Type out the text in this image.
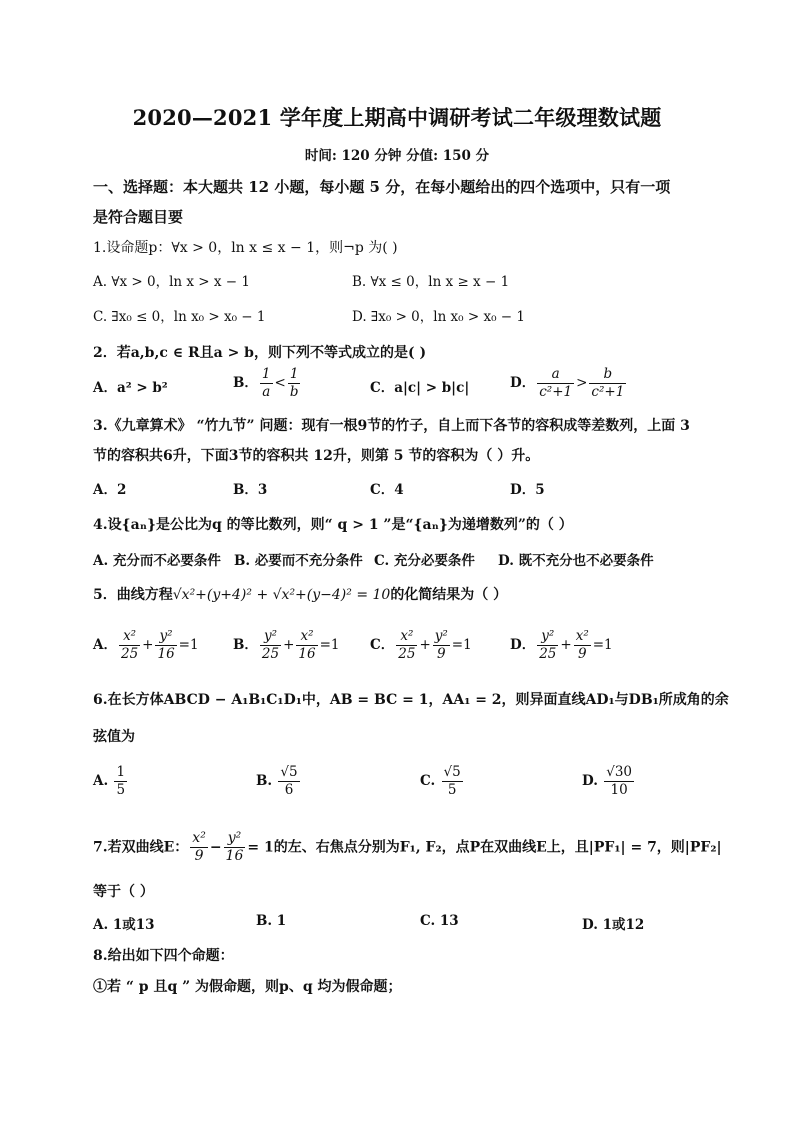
2020—2021 学年度上期高中调研考试二年级理数试题
时间: 120 分钟 分值: 150 分
一、选择题：本大题共 12 小题，每小题 5 分，在每小题给出的四个选项中，只有一项
是符合题目要
1.设命题p：∀x > 0，ln x ≤ x − 1，则¬p 为( )
A. ∀x > 0，ln x > x − 1	B. ∀x ≤ 0，ln x ≥ x − 1
C. ∃x₀ ≤ 0，ln x₀ > x₀ − 1	D. ∃x₀ > 0，ln x₀ > x₀ − 1
2．若a,b,c ∈ R且a > b，则下列不等式成立的是( )
A．a² > b²	B． $\frac{1}{a} < \frac{1}{b}$	C．a|c| > b|c|	D． $\frac{a}{\text{c²+1}} > \frac{b}{\text{c²+1}}$
3.《九章算术》 “竹九节” 问题：现有一根9节的竹子，自上而下各节的容积成等差数列，上面 3
节的容积共6升，下面3节的容积共 12升，则第 5 节的容积为（ ）升。
A．2	B．3	C．4	D．5
4.设{aₙ}是公比为q 的等比数列，则“ q > 1 ”是“{aₙ}为递增数列”的（ ）
A. 充分而不必要条件 B. 必要而不充分条件 C. 充分必要条件 D. 既不充分也不必要条件
5．曲线方程√x²+(y+4)² + √x²+(y−4)² = 10的化简结果为（ ）
A． $\frac{\text{x²}}{25} + \frac{\text{y²}}{16} =1$	B． $\frac{\text{y²}}{25} + \frac{\text{x²}}{16} =1$ C． $\frac{\text{x²}}{25} + \frac{\text{y²}}{9} =1$	D． $\frac{\text{y²}}{25} + \frac{\text{x²}}{9} =1$
6.在长方体ABCD − A₁B₁C₁D₁中，AB = BC = 1，AA₁ = 2，则异面直线AD₁与DB₁所成角的余
弦值为
A. $\frac{1}{5}$	B. $\frac{√5}{6}$	C. $\frac{√5}{5}$	D. $\frac{√30}{10}$
7.若双曲线E： $\frac{\text{x²}}{9} - \frac{\text{y²}}{16} = 1$的左、右焦点分别为F₁, F₂，点P在双曲线E上，且|PF₁| = 7，则|PF₂|
等于（ ）
A. 1或13	B. 1	C. 13	D. 1或12
8.给出如下四个命题：
①若 “ p 且q ” 为假命题，则p、q 均为假命题；
